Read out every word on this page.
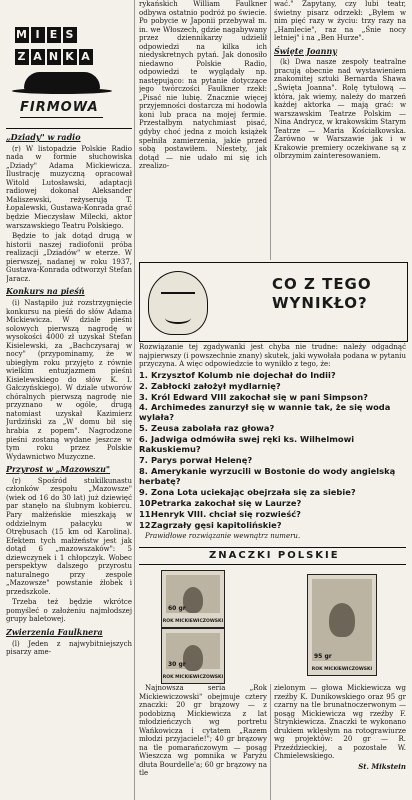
M I E S
Z A N K A
FIRMOWA
„Dziady" w radio

(r) W listopadzie Polskie Radio nada w formie słuchowiska „Dziady" Adama Mickiewicza. Ilustrację muzyczną opracował Witold Lutosławski, adaptacji radiowej dokonał Aleksander Maliszewski, reżyserują T. Łopalewski, Gustawa-Konrada grać będzie Mieczysław Milecki, aktor warszawskiego Teatru Polskiego.

Będzie to jak dotąd drugą w historii naszej radiofonii próba realizacji „Dziadów" w eterze. W pierwszej, nadanej w roku 1937, Gustawa-Konrada odtworzył Stefan Jaracz.

Konkurs na pieśń

(i) Nastąpiło już rozstrzygnięcie konkursu na pieśń do słów Adama Mickiewicza. W dziale pieśni solowych pierwszą nagrodę w wysokości 4000 zł uzyskał Stefan Kisielewski, za „Bachczysaraj w nocy" (przypominamy, że w ubiegłym roku przyjęto z równie wielkim entuzjazmem pieśni Kisielewskiego do słów K. I. Gałczyńskiego). W dziale utworów chóralnych pierwszą nagrodę nie przyznano w ogóle, drugą natomiast uzyskał Kazimierz Jurdziński za „W domu bił się hrabia z popem". Nagrodzone pieśni zostaną wydane jeszcze w tym roku przez Polskie Wydawnictwo Muzyczne.

Przyrost w „Mazowszu"

(r) Spośród stukilkunastu członków zespołu „Mazowsze" (wiek od 16 do 30 lat) już dziewięć par stanęło na ślubnym kobiercu. Pary małżeńskie mieszkają w oddzielnym pałacyku w Otrębusach (15 km od Karolina). Efektem tych małżeństw jest jak dotąd 6 „mazowszaków": 5 dziewczynek i 1 chłopczyk. Wobec perspektyw dalszego przyrostu naturalnego przy zespole „Mazowsze" powstanie żłobek i przedszkole.

Trzeba też będzie wkrótce pomyśleć o założeniu najmłodszej grupy baletowej.

Zwierzenia Faulknera

(l) Jeden z najwybitniejszych pisarzy ame-

rykańskich William Faulkner odbywa ostatnio podróż po świecie. Po pobycie w Japonii przebywał m. in. we Włoszech, gdzie nagabywany przez dziennikarzy udzielił odpowiedzi na kilka ich niedyskretnych pytań. Jak donosiło niedawno Polskie Radio, odpowiedzi te wyglądały np. następująco: na pytanie dotyczące jego twórczości Faulkner rzekł: „Pisać nie lubię. Znacznie więcej przyjemności dostarcza mi hodowla koni lub praca na mojej fermie. Przestałbym natychmiast pisać, gdyby choć jedna z moich książek spełniła zamierzenia, jakie przed sobą postawiłem. Niestety, jak dotąd — nie udało mi się ich zrealizo-

wać." Zapytany, czy lubi teatr, świetny pisarz odrzekł: „Byłem w nim pięć razy w życiu: trzy razy na „Hamlecie", raz na „Śnie nocy letniej" i na „Ben Hurze".

Święte Joanny

(k) Dwa nasze zespoły teatralne pracują obecnie nad wystawieniem znakomitej sztuki Bernarda Shawa „Święta Joanna". Rolę tytułową — która, jak wiemy, należy do marzeń każdej aktorka — mają grać: w warszawskim Teatrze Polskim — Nina Andrycz, w krakowskim Starym Teatrze — Maria Kościałkowska. Żarówno w Warszawie jak i w Krakowie premiery oczekiwane są z olbrzymim zainteresowaniem.

CO Z TEGO
WYNIKŁO?

Rozwiązanie tej zgadywanki jest chyba nie trudne: należy odgadnąć najpierwszy (i powszechnie znany) skutek, jaki wywołała podana w pytaniu przyczyna. A więc odpowiedzcie to wynikło z tego, że:

1. Krzysztof Kolumb nie dojechał do Indii?
2. Zabłocki założył mydlarnię?
3. Król Edward VIII zakochał się w pani Simpson?
4. Archimedes zanurzył się w wannie tak, że się woda wylała?
5. Zeusa zabolała raz głowa?
6. Jadwiga odmówiła swej ręki ks. Wilhelmowi Rakuskiemu?
7. Parys porwał Helenę?
8. Amerykanie wyrzucili w Bostonie do wody angielską herbatę?
9. Zona Lota uciekając obejrzała się za siebie?
10.Petrarka zakochał się w Laurze?
11.Henryk VIII. chciał się rozwieść?
12.Zagrzały gęsi kapitolińskie?

Prawidłowe rozwiązanie wewnątrz numeru.

ZNACZKI POLSKIE
60 gr
ROK MICKIEWICZOWSKI
30 gr
ROK MICKIEWICZOWSKI
95 gr
ROK MICKIEWICZOWSKI

Najnowsza seria „Rok Mickiewiczowski" obejmuje cztery znaczki: 20 gr brązowy — z podobizną Mickiewicza z lat młodzieńczych wg portretu Wańkowicza i cytatem „Razem młodzi przyjaciele!"; 40 gr brązowy na tle pomarańczowym — posąg Wieszcza wg pomnika w Paryżu dłuta Bourdelle'a; 60 gr brązowy na tle

zielonym — głowa Mickiewicza wg rzeźby K. Dunikowskiego oraz 95 gr czarny na tle brunatnoczerwonym — posąg Mickiewicza wg rzeźby F. Strynkiewicza. Znaczki te wykonano drukiem wklęsłym na rotograwiurze wg projektów: 20 gr — R. Przeździeckiej, a pozostałe W. Chmielewskiego.

St. Mikstein
